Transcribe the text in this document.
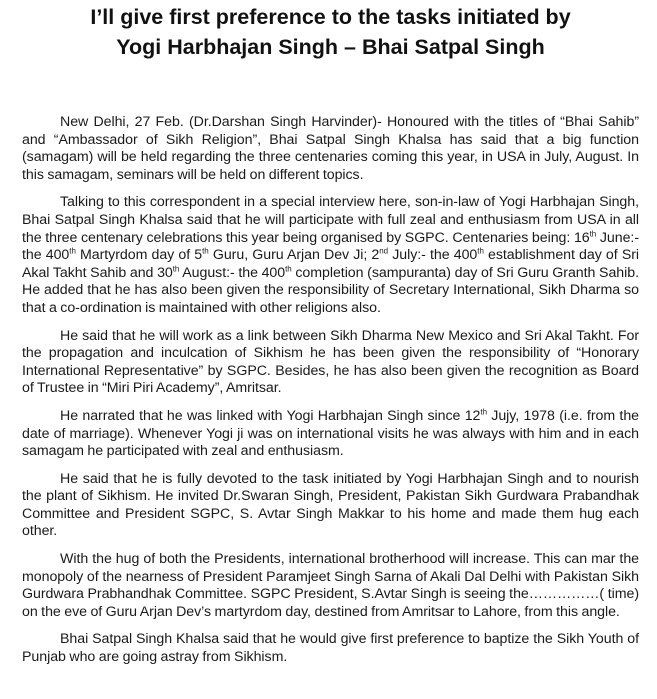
I’ll give first preference to the tasks initiated by
Yogi Harbhajan Singh – Bhai Satpal Singh

New Delhi, 27 Feb. (Dr.Darshan Singh Harvinder)- Honoured with the titles of “Bhai Sahib” and “Ambassador of Sikh Religion”, Bhai Satpal Singh Khalsa has said that a big function (samagam) will be held regarding the three centenaries coming this year, in USA in July, August. In this samagam, seminars will be held on different topics.

Talking to this correspondent in a special interview here, son-in-law of Yogi Harbhajan Singh, Bhai Satpal Singh Khalsa said that he will participate with full zeal and enthusiasm from USA in all the three centenary celebrations this year being organised by SGPC. Centenaries being: 16th June:- the 400th Martyrdom day of 5th Guru, Guru Arjan Dev Ji; 2nd July:- the 400th establishment day of Sri Akal Takht Sahib and 30th August:- the 400th completion (sampuranta) day of Sri Guru Granth Sahib. He added that he has also been given the responsibility of Secretary International, Sikh Dharma so that a co-ordination is maintained with other religions also.

He said that he will work as a link between Sikh Dharma New Mexico and Sri Akal Takht. For the propagation and inculcation of Sikhism he has been given the responsibility of “Honorary International Representative” by SGPC. Besides, he has also been given the recognition as Board of Trustee in “Miri Piri Academy”, Amritsar.

He narrated that he was linked with Yogi Harbhajan Singh since 12th Jujy, 1978 (i.e. from the date of marriage). Whenever Yogi ji was on international visits he was always with him and in each samagam he participated with zeal and enthusiasm.

He said that he is fully devoted to the task initiated by Yogi Harbhajan Singh and to nourish the plant of Sikhism. He invited Dr.Swaran Singh, President, Pakistan Sikh Gurdwara Prabandhak Committee and President SGPC, S. Avtar Singh Makkar to his home and made them hug each other.

With the hug of both the Presidents, international brotherhood will increase. This can mar the monopoly of the nearness of President Paramjeet Singh Sarna of Akali Dal Delhi with Pakistan Sikh Gurdwara Prabhandhak Committee. SGPC President, S.Avtar Singh is seeing the……………( time) on the eve of Guru Arjan Dev’s martyrdom day, destined from Amritsar to Lahore, from this angle.

Bhai Satpal Singh Khalsa said that he would give first preference to baptize the Sikh Youth of Punjab who are going astray from Sikhism.
